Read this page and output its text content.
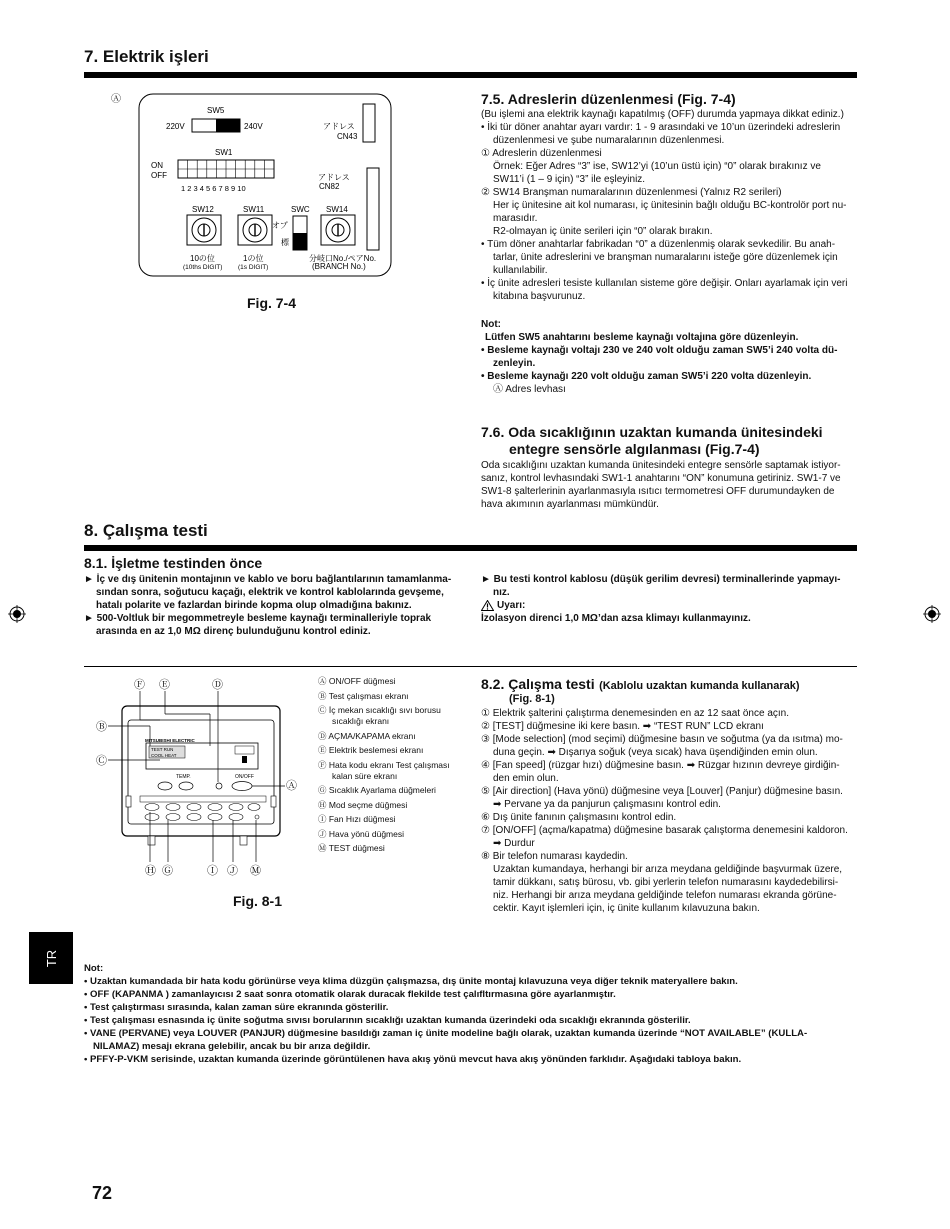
7. Elektrik işleri
Ⓐ
SW5
220V	240V	アドレス
CN43
SW1
ON
OFF
1 2 3 4 5 6 7 8 9 10
アドレス
CN82
SW12	SW11	SWC SW14
オプ
標
10の位
(10ths DIGIT)
1の位
(1s DIGIT)
分岐口No./ペアNo.
(BRANCH No.)
Fig. 7-4
7.5. Adreslerin düzenlenmesi (Fig. 7-4)

(Bu işlemi ana elektrik kaynağı kapatılmış (OFF) durumda yapmaya dikkat ediniz.)

• İki tür döner anahtar ayarı vardır: 1 - 9 arasındaki ve 10’un üzerindeki adreslerin

düzenlenmesi ve şube numaralarının düzenlenmesi.

① Adreslerin düzenlenmesi

Örnek: Eğer Adres “3” ise, SW12’yi (10’un üstü için) “0” olarak bırakınız ve

SW11’i (1 – 9 için) “3” ile eşleyiniz.

② SW14 Branşman numaralarının düzenlenmesi (Yalnız R2 serileri)

Her iç ünitesine ait kol numarası, iç ünitesinin bağlı olduğu BC-kontrolör port nu-

marasıdır.

R2-olmayan iç ünite serileri için “0” olarak bırakın.

• Tüm döner anahtarlar fabrikadan “0” a düzenlenmiş olarak sevkedilir. Bu anah-

tarlar, ünite adreslerini ve branşman numaralarını isteğe göre düzenlemek için

kullanılabilir.

• İç ünite adresleri tesiste kullanılan sisteme göre değişir. Onları ayarlamak için veri

kitabına başvurunuz.

Not:

Lütfen SW5 anahtarını besleme kaynağı voltajına göre düzenleyin.

• Besleme kaynağı voltajı 230 ve 240 volt olduğu zaman SW5’i 240 volta dü-

zenleyin.

• Besleme kaynağı 220 volt olduğu zaman SW5’i 220 volta düzenleyin.

Ⓐ Adres levhası

7.6. Oda sıcaklığının uzaktan kumanda ünitesindeki
entegre sensörle algılanması (Fig.7-4)

Oda sıcaklığını uzaktan kumanda ünitesindeki entegre sensörle saptamak istiyor-

sanız, kontrol levhasındaki SW1-1 anahtarını “ON” konumuna getiriniz. SW1-7 ve

SW1-8 şalterlerinin ayarlanmasıyla ısıtıcı termometresi OFF durumundayken de

hava akımının ayarlanması mümkündür.

8. Çalışma testi
8.1. İşletme testinden önce

► İç ve dış ünitenin montajının ve kablo ve boru bağlantılarının tamamlanma-

sından sonra, soğutucu kaçağı, elektrik ve kontrol kablolarında gevşeme,

hatalı polarite ve fazlardan birinde kopma olup olmadığına bakınız.

► 500-Voltluk bir megommetreyle besleme kaynağı terminalleriyle toprak

arasında en az 1,0 MΩ direnç bulunduğunu kontrol ediniz.

► Bu testi kontrol kablosu (düşük gerilim devresi) terminallerinde yapmayı-

nız.

Uyarı:

İzolasyon direnci 1,0 MΩ’dan azsa klimayı kullanmayınız.

Ⓕ Ⓔ	Ⓓ
Ⓑ
Ⓒ
Ⓐ
Ⓗ Ⓖ	Ⓘ Ⓙ Ⓜ
MITSUBISHI ELECTRIC
TEST RUN
COOL HEAT
TEMP.	ON/OFF
Fig. 8-1

Ⓐ ON/OFF düğmesi

Ⓑ Test çalışması ekranı

Ⓒ İç mekan sıcaklığı sıvı borusu sıcaklığı ekranı

Ⓓ AÇMA/KAPAMA ekranı

Ⓔ Elektrik beslemesi ekranı

Ⓕ Hata kodu ekranı Test çalışması kalan süre ekranı

Ⓖ Sıcaklık Ayarlama düğmeleri

Ⓗ Mod seçme düğmesi

Ⓘ Fan Hızı düğmesi

Ⓙ Hava yönü düğmesi

Ⓜ TEST düğmesi

8.2. Çalışma testi (Kablolu uzaktan kumanda kullanarak)
(Fig. 8-1)

① Elektrik şalterini çalıştırma denemesinden en az 12 saat önce açın.

② [TEST] düğmesine iki kere basın. ➡ “TEST RUN” LCD ekranı

③ [Mode selection] (mod seçimi) düğmesine basın ve soğutma (ya da ısıtma) mo-

duna geçin. ➡ Dışarıya soğuk (veya sıcak) hava üşendiğinden emin olun.

④ [Fan speed] (rüzgar hızı) düğmesine basın. ➡ Rüzgar hızının devreye girdiğin-

den emin olun.

⑤ [Air direction] (Hava yönü) düğmesine veya [Louver] (Panjur) düğmesine basın.

➡ Pervane ya da panjurun çalışmasını kontrol edin.

⑥ Dış ünite fanının çalışmasını kontrol edin.

⑦ [ON/OFF] (açma/kapatma) düğmesine basarak çalıştorma denemesini kaldoron.

➡ Durdur

⑧ Bir telefon numarası kaydedin.

Uzaktan kumandaya, herhangi bir arıza meydana geldiğinde başvurmak üzere,

tamir dükkanı, satış bürosu, vb. gibi yerlerin telefon numarasını kaydedebilirsi-

niz. Herhangi bir arıza meydana geldiğinde telefon numarası ekranda görüne-

cektir. Kayıt işlemleri için, iç ünite kullanım kılavuzuna bakın.

TR

Not:

• Uzaktan kumandada bir hata kodu görünürse veya klima düzgün çalışmazsa, dış ünite montaj kılavuzuna veya diğer teknik materyallere bakın.

• OFF (KAPANMA ) zamanlayıcısı 2 saat sonra otomatik olarak duracak flekilde test çalıfltırmasına göre ayarlanmıştır.

• Test çalıştırması sırasında, kalan zaman süre ekranında gösterilir.

• Test çalışması esnasında iç ünite soğutma sıvısı borularının sıcaklığı uzaktan kumanda üzerindeki oda sıcaklığı ekranında gösterilir.

• VANE (PERVANE) veya LOUVER (PANJUR) düğmesine basıldığı zaman iç ünite modeline bağlı olarak, uzaktan kumanda üzerinde “NOT AVAILABLE” (KULLA-

NILAMAZ) mesajı ekrana gelebilir, ancak bu bir arıza değildir.

• PFFY-P-VKM serisinde, uzaktan kumanda üzerinde görüntülenen hava akış yönü mevcut hava akış yönünden farklıdır. Aşağıdaki tabloya bakın.

72
